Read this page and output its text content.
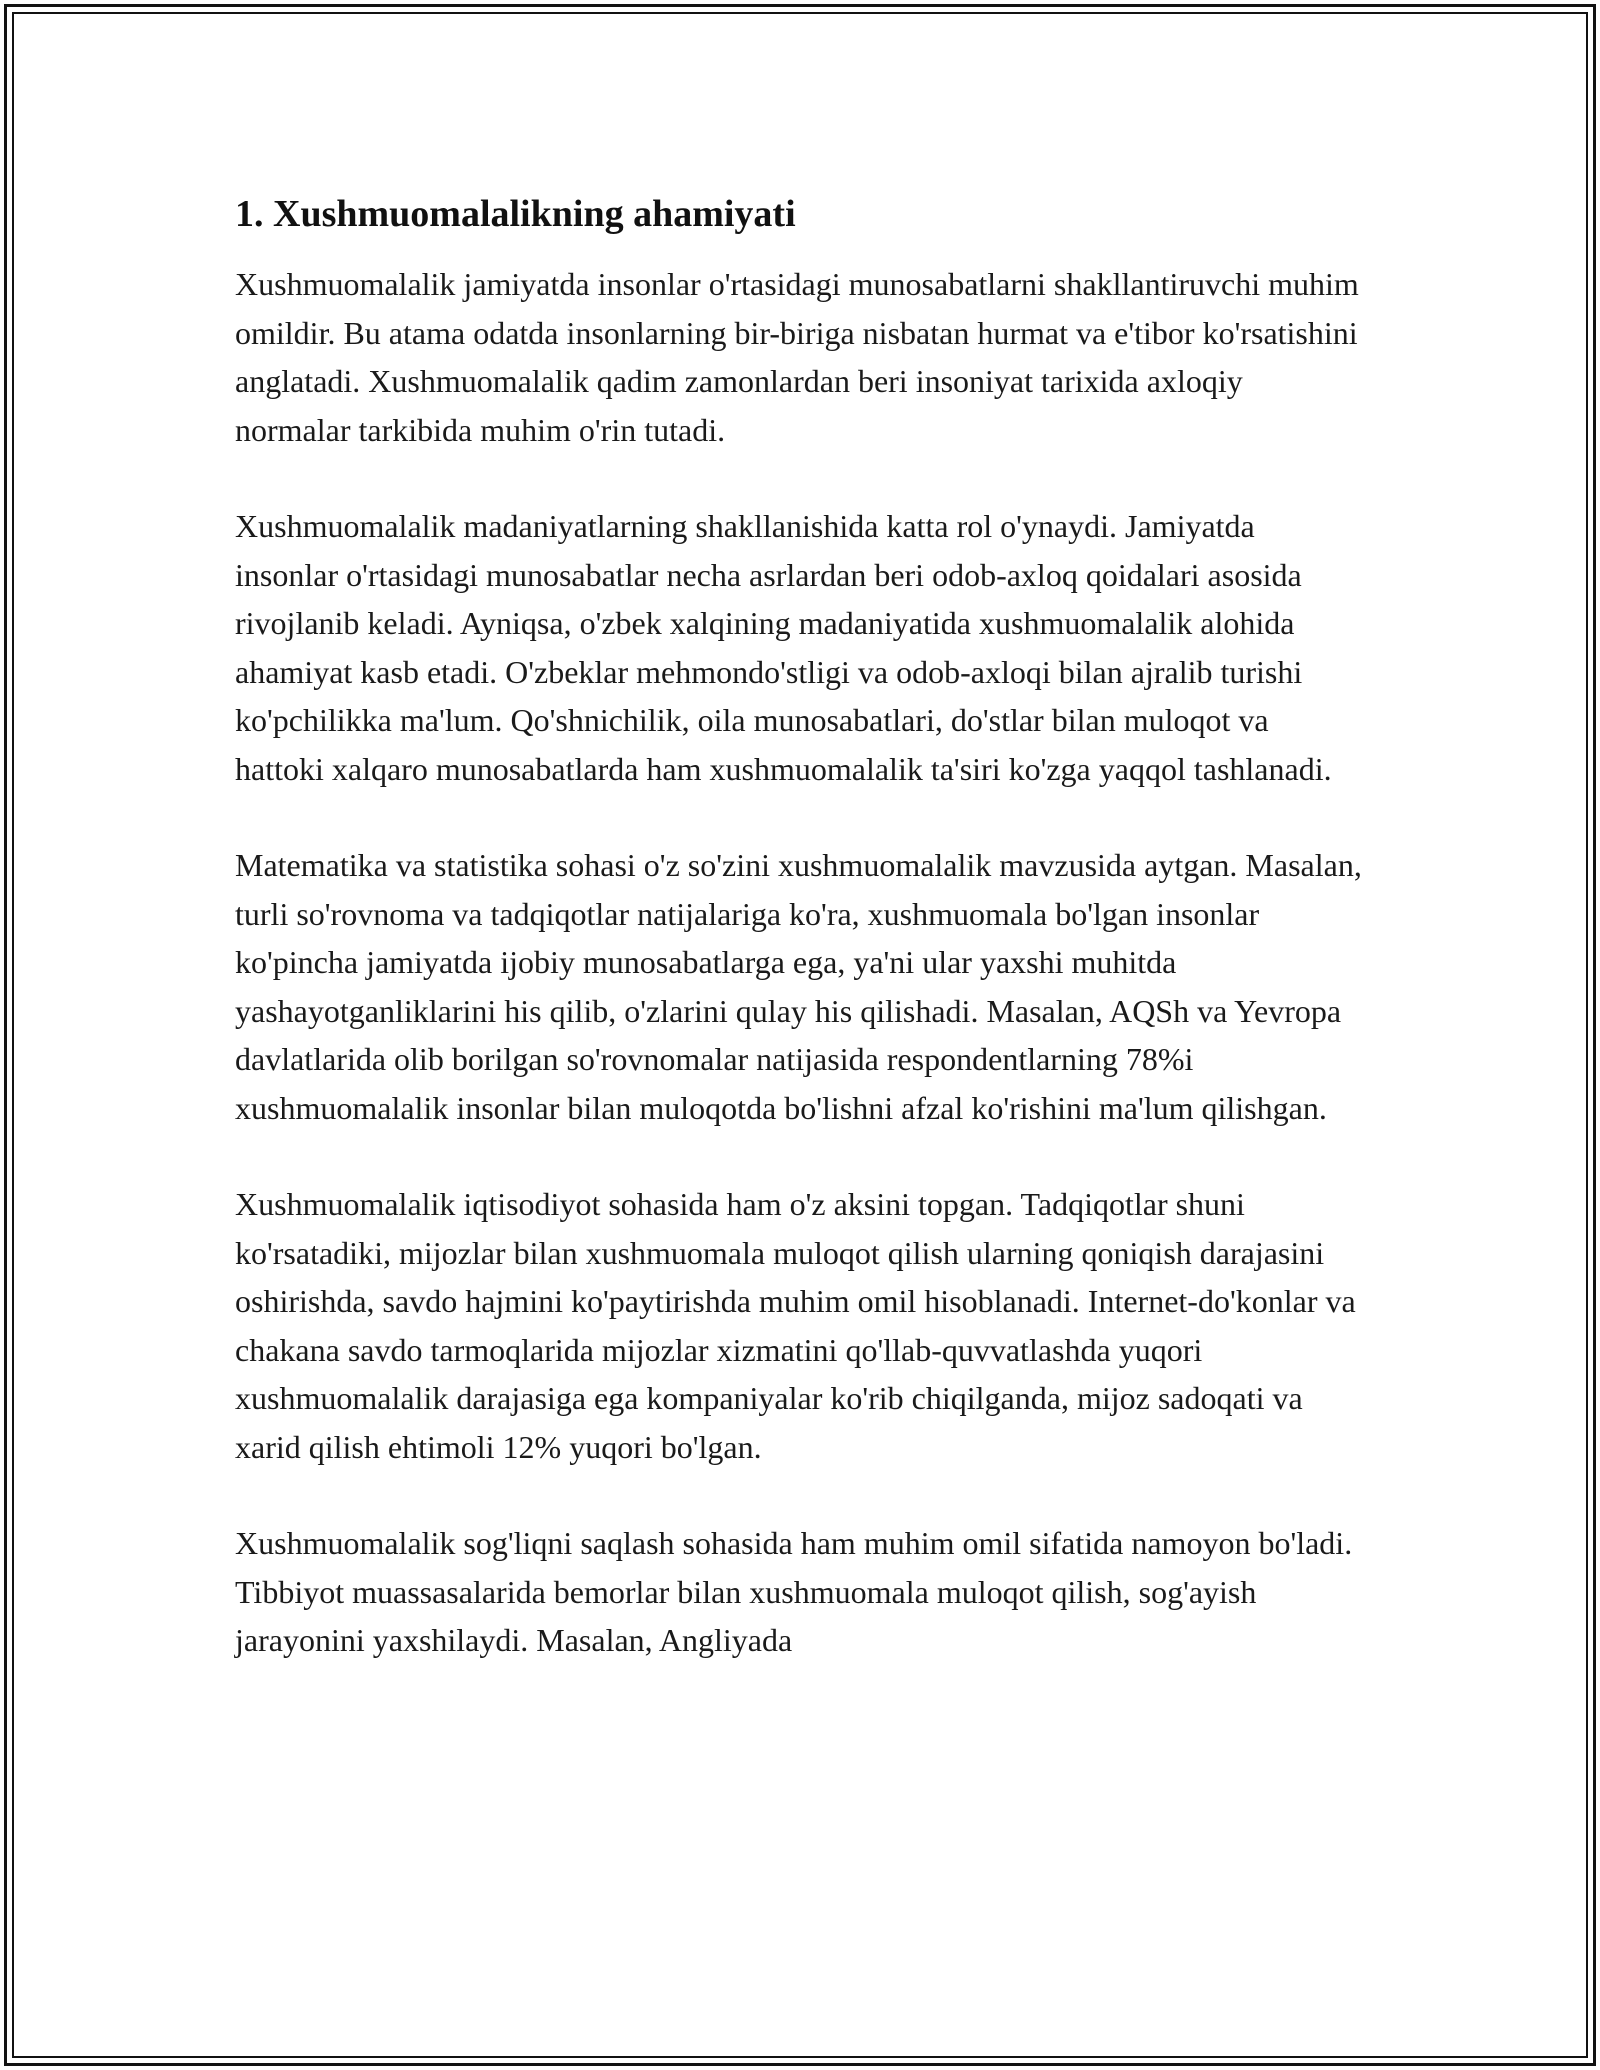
1. Xushmuomalalikning ahamiyati

Xushmuomalalik jamiyatda insonlar o'rtasidagi munosabatlarni shakllantiruvchi muhim omildir. Bu atama odatda insonlarning bir-biriga nisbatan hurmat va e'tibor ko'rsatishini anglatadi. Xushmuomalalik qadim zamonlardan beri insoniyat tarixida axloqiy normalar tarkibida muhim o'rin tutadi.

Xushmuomalalik madaniyatlarning shakllanishida katta rol o'ynaydi. Jamiyatda insonlar o'rtasidagi munosabatlar necha asrlardan beri odob-axloq qoidalari asosida rivojlanib keladi. Ayniqsa, o'zbek xalqining madaniyatida xushmuomalalik alohida ahamiyat kasb etadi. O'zbeklar mehmondo'stligi va odob-axloqi bilan ajralib turishi ko'pchilikka ma'lum. Qo'shnichilik, oila munosabatlari, do'stlar bilan muloqot va hattoki xalqaro munosabatlarda ham xushmuomalalik ta'siri ko'zga yaqqol tashlanadi.

Matematika va statistika sohasi o'z so'zini xushmuomalalik mavzusida aytgan. Masalan, turli so'rovnoma va tadqiqotlar natijalariga ko'ra, xushmuomala bo'lgan insonlar ko'pincha jamiyatda ijobiy munosabatlarga ega, ya'ni ular yaxshi muhitda yashayotganliklarini his qilib, o'zlarini qulay his qilishadi. Masalan, AQSh va Yevropa davlatlarida olib borilgan so'rovnomalar natijasida respondentlarning 78%i xushmuomalalik insonlar bilan muloqotda bo'lishni afzal ko'rishini ma'lum qilishgan.

Xushmuomalalik iqtisodiyot sohasida ham o'z aksini topgan. Tadqiqotlar shuni ko'rsatadiki, mijozlar bilan xushmuomala muloqot qilish ularning qoniqish darajasini oshirishda, savdo hajmini ko'paytirishda muhim omil hisoblanadi. Internet-do'konlar va chakana savdo tarmoqlarida mijozlar xizmatini qo'llab-quvvatlashda yuqori xushmuomalalik darajasiga ega kompaniyalar ko'rib chiqilganda, mijoz sadoqati va xarid qilish ehtimoli 12% yuqori bo'lgan.

Xushmuomalalik sog'liqni saqlash sohasida ham muhim omil sifatida namoyon bo'ladi. Tibbiyot muassasalarida bemorlar bilan xushmuomala muloqot qilish, sog'ayish jarayonini yaxshilaydi. Masalan, Angliyada
